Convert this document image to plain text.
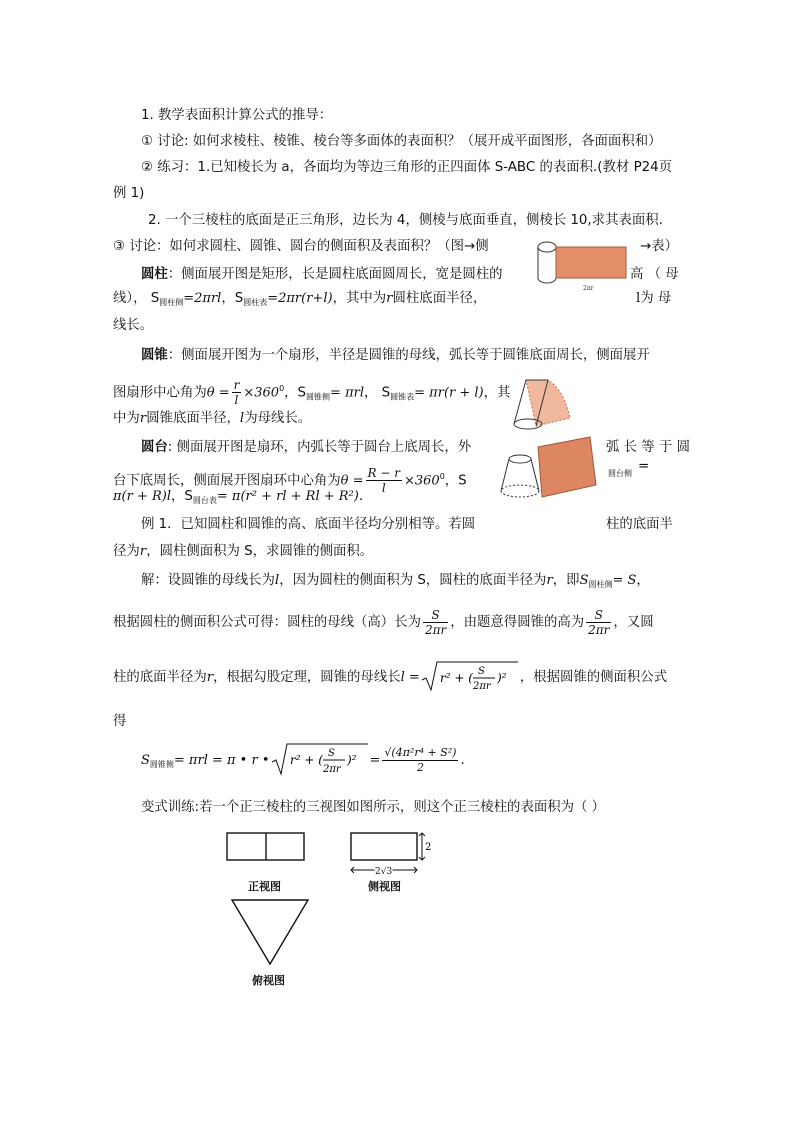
1. 教学表面积计算公式的推导：
① 讨论: 如何求棱柱、棱锥、棱台等多面体的表面积？（展开成平面图形，各面面积和）
② 练习：1.已知棱长为 a，各面均为等边三角形的正四面体 S-ABC 的表面积.(教材 P24页
例 1)
2. 一个三棱柱的底面是正三角形，边长为 4，侧棱与底面垂直，侧棱长 10,求其表面积.
③ 讨论：如何求圆柱、圆锥、圆台的侧面积及表面积？（图→侧	→表）
2πr
圆柱：侧面展开图是矩形，长是圆柱底面圆周长，宽是圆柱的	高 （ 母
线）， $S_{圆柱侧}=2\pi rl$，$S_{圆柱表}=2\pi r(r+l)$，其中为r圆柱底面半径，	l为 母
线长。
圆锥：侧面展开图为一个扇形，半径是圆锥的母线，弧长等于圆锥底面周长，侧面展开
图扇形中心角为$\theta = \frac{r}{l} \times 360^0$，$S_{圆锥侧}= \pi rl$， $S_{圆锥表}= \pi r(r + l)$，其
中为r圆锥底面半径，l为母线长。
圆台: 侧面展开图是扇环，内弧长等于圆台上底周长，外	弧 长 等 于 圆
台下底周长，侧面展开图扇环中心角为$\theta = \frac{R - r}{l} \times 360^0$，S	圆台侧 =
π(r + R)l，$S_{圆台表}= \pi(r^2$ + rl + Rl + R²).
例 1．已知圆柱和圆锥的高、底面半径均分别相等。若圆	柱的底面半
径为r，圆柱侧面积为 S，求圆锥的侧面积。
解：设圆锥的母线长为l，因为圆柱的侧面积为 S，圆柱的底面半径为r，即$S_{圆柱侧}= S$，
根据圆柱的侧面积公式可得：圆柱的母线（高）长为 $\frac{S}{2\pi r}$ ，由题意得圆锥的高为 $\frac{S}{2\pi r}$ ，又圆
柱的底面半径为r，根据勾股定理，圆锥的母线长l = r² + ( S
2πr
)² ，根据圆锥的侧面积公式
得
$S_{圆锥侧}= \pi rl = \pi$ • r • r² + ( S
2πr
)$^2 = \frac{\text{√(4π²r⁴ + S²)}}{2}$ .
变式训练:若一个正三棱柱的三视图如图所示，则这个正三棱柱的表面积为（ ）
正视图
2
2√3
侧视图
俯视图
